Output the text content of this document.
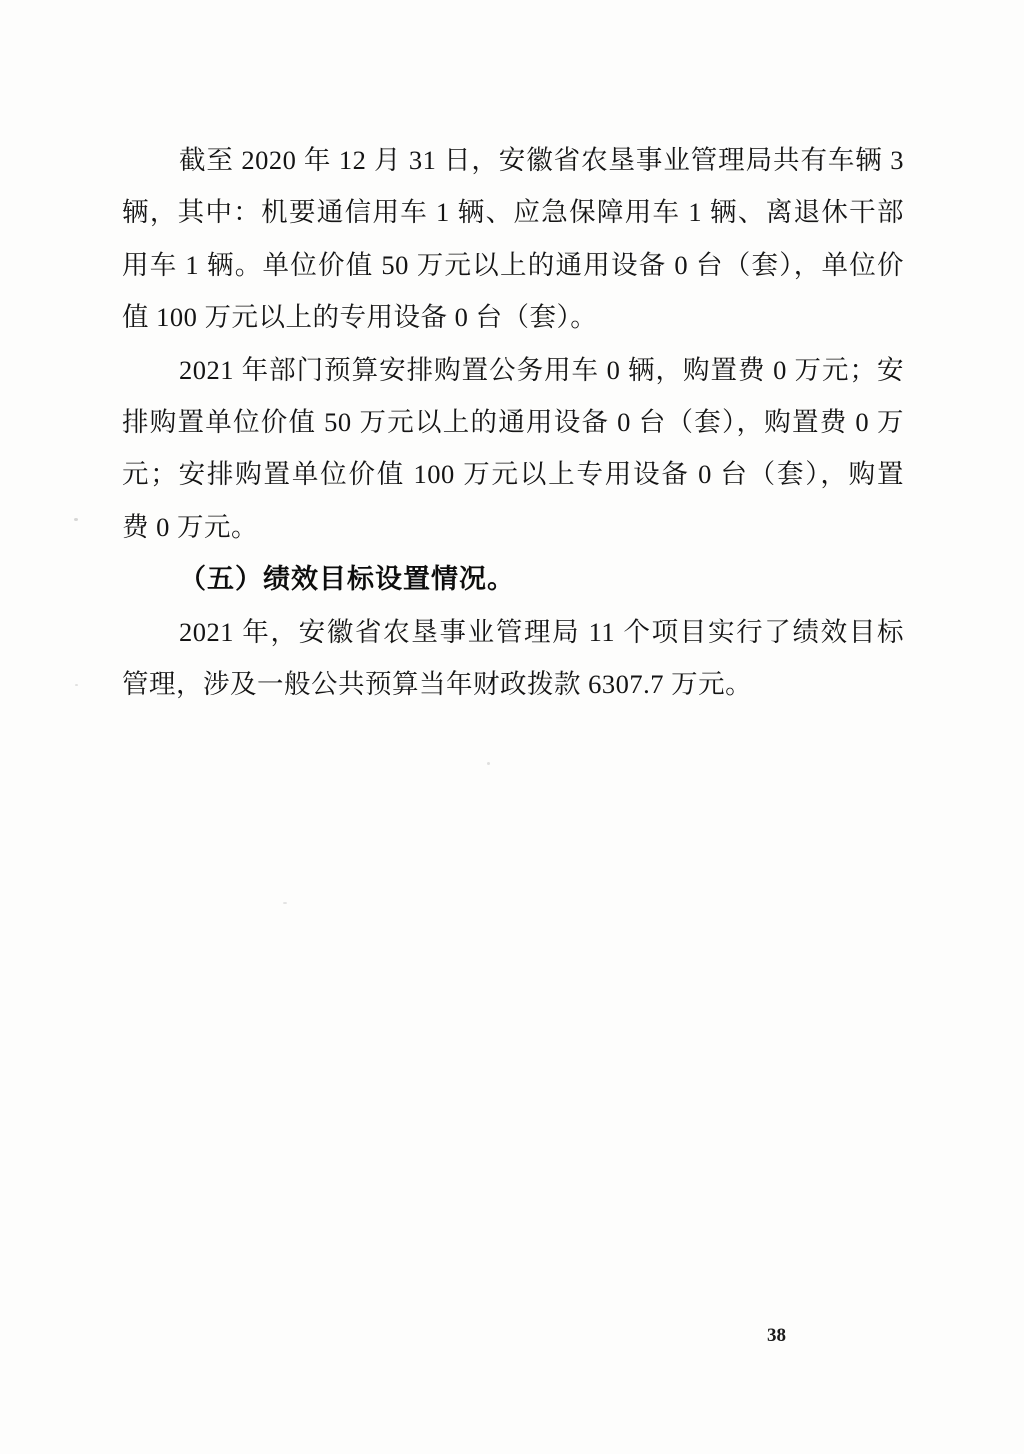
截至 2020 年 12 月 31 日，安徽省农垦事业管理局共有车辆 3
辆，其中：机要通信用车 1 辆、应急保障用车 1 辆、离退休干部
用车 1 辆。单位价值 50 万元以上的通用设备 0 台（套），单位价
值 100 万元以上的专用设备 0 台（套）。
2021 年部门预算安排购置公务用车 0 辆，购置费 0 万元；安
排购置单位价值 50 万元以上的通用设备 0 台（套），购置费 0 万
元；安排购置单位价值 100 万元以上专用设备 0 台（套），购置
费 0 万元。
（五）绩效目标设置情况。
2021 年，安徽省农垦事业管理局 11 个项目实行了绩效目标
管理，涉及一般公共预算当年财政拨款 6307.7 万元。
38
